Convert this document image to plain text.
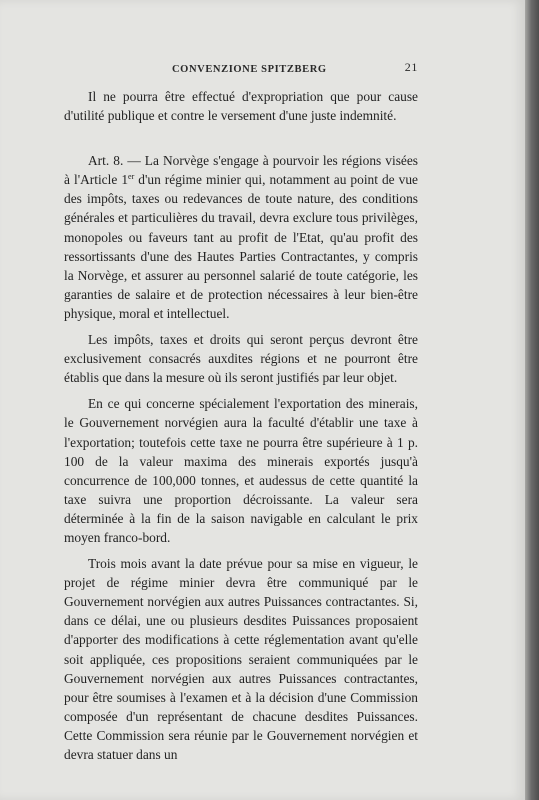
CONVENZIONE SPITZBERG	21

Il ne pourra être effectué d'expropriation que pour cause d'utilité publique et contre le versement d'une juste indemnité.

Art. 8. — La Norvège s'engage à pourvoir les régions visées à l'Article 1er d'un régime minier qui, notamment au point de vue des impôts, taxes ou redevances de toute nature, des conditions générales et particulières du travail, devra exclure tous privilèges, monopoles ou faveurs tant au profit de l'Etat, qu'au profit des ressortissants d'une des Hautes Parties Contractantes, y compris la Norvège, et assurer au personnel salarié de toute catégorie, les garanties de salaire et de protection nécessaires à leur bien-être physique, moral et intellectuel.

Les impôts, taxes et droits qui seront perçus devront être exclusivement consacrés auxdites régions et ne pourront être établis que dans la mesure où ils seront justifiés par leur objet.

En ce qui concerne spécialement l'exportation des minerais, le Gouvernement norvégien aura la faculté d'établir une taxe à l'exportation; toutefois cette taxe ne pourra être supérieure à 1 p. 100 de la valeur maxima des minerais exportés jusqu'à concurrence de 100,000 tonnes, et audessus de cette quantité la taxe suivra une proportion décroissante. La valeur sera déterminée à la fin de la saison navigable en calculant le prix moyen franco-bord.

Trois mois avant la date prévue pour sa mise en vigueur, le projet de régime minier devra être communiqué par le Gouvernement norvégien aux autres Puissances contractantes. Si, dans ce délai, une ou plusieurs desdites Puissances proposaient d'apporter des modifications à cette réglementation avant qu'elle soit appliquée, ces propositions seraient communiquées par le Gouvernement norvégien aux autres Puissances contractantes, pour être soumises à l'examen et à la décision d'une Commission composée d'un représentant de chacune desdites Puissances. Cette Commission sera réunie par le Gouvernement norvégien et devra statuer dans un
